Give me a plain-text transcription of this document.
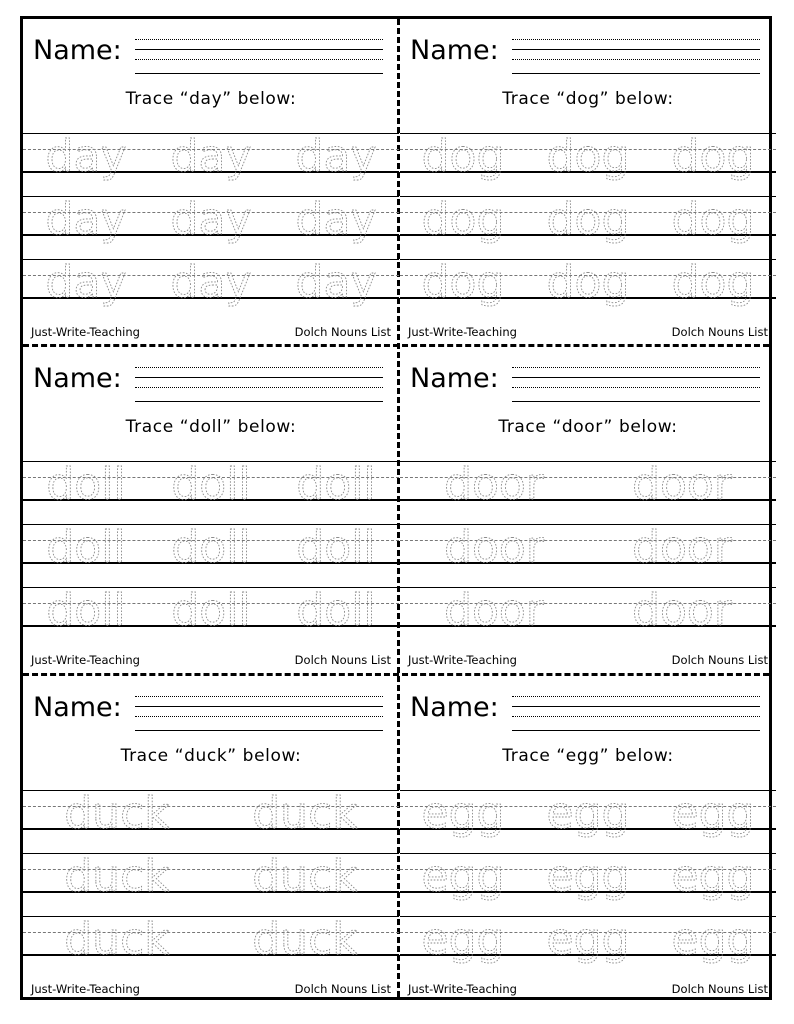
Name:
Trace “day” below:
day day day
day day day
day day day
Just-Write-Teaching	Dolch Nouns List
Name:
Trace “dog” below:
dog dog dog
dog dog dog
dog dog dog
Just-Write-Teaching	Dolch Nouns List
Name:
Trace “doll” below:
doll doll doll
doll doll doll
doll doll doll
Just-Write-Teaching	Dolch Nouns List
Name:
Trace “door” below:
door door
door door
door door
Just-Write-Teaching	Dolch Nouns List
Name:
Trace “duck” below:
duck duck
duck duck
duck duck
Just-Write-Teaching	Dolch Nouns List
Name:
Trace “egg” below:
egg egg egg
egg egg egg
egg egg egg
Just-Write-Teaching	Dolch Nouns List
